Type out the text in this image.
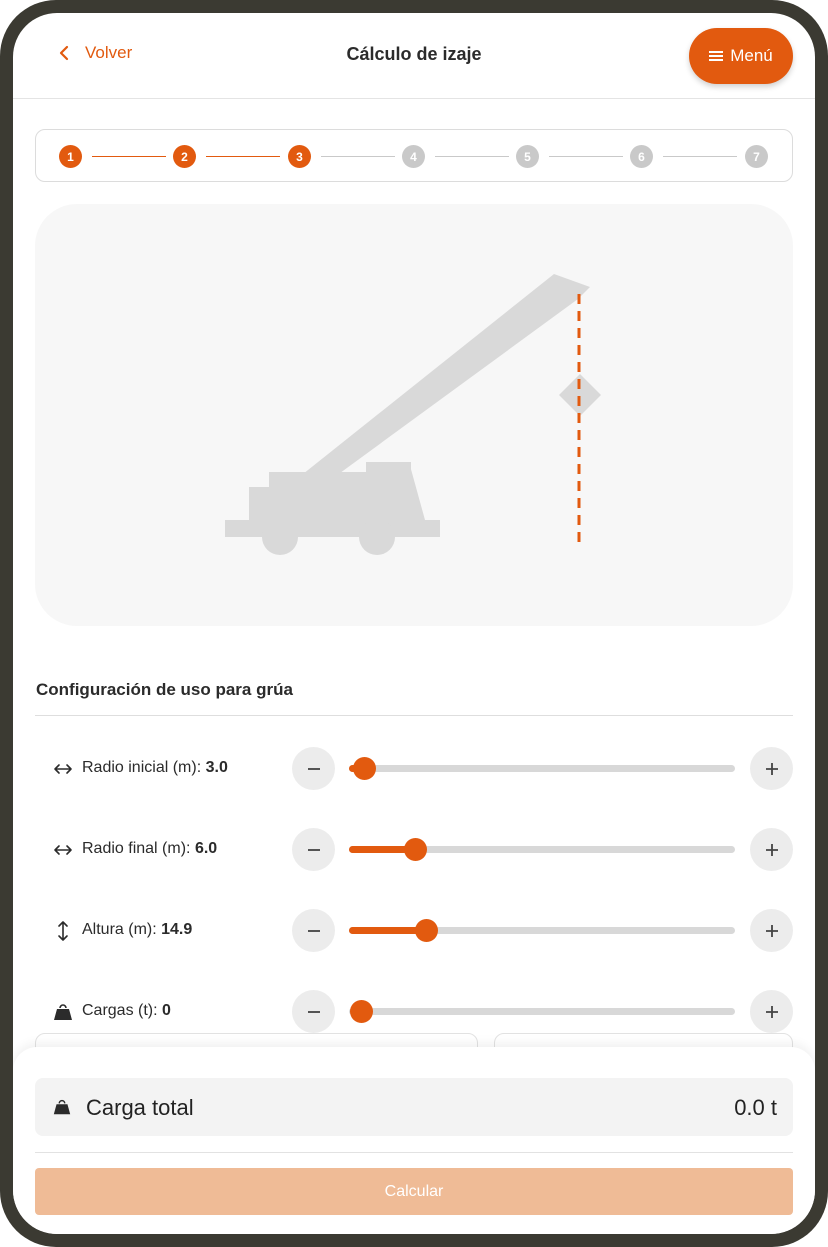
Volver	Cálculo de izaje	Menú
1	2	3	4	5	6	7
Configuración de uso para grúa
Radio inicial (m): 3.0
Radio final (m): 6.0
Altura (m): 14.9
Cargas (t): 0
Carga total	0.0 t
Calcular
